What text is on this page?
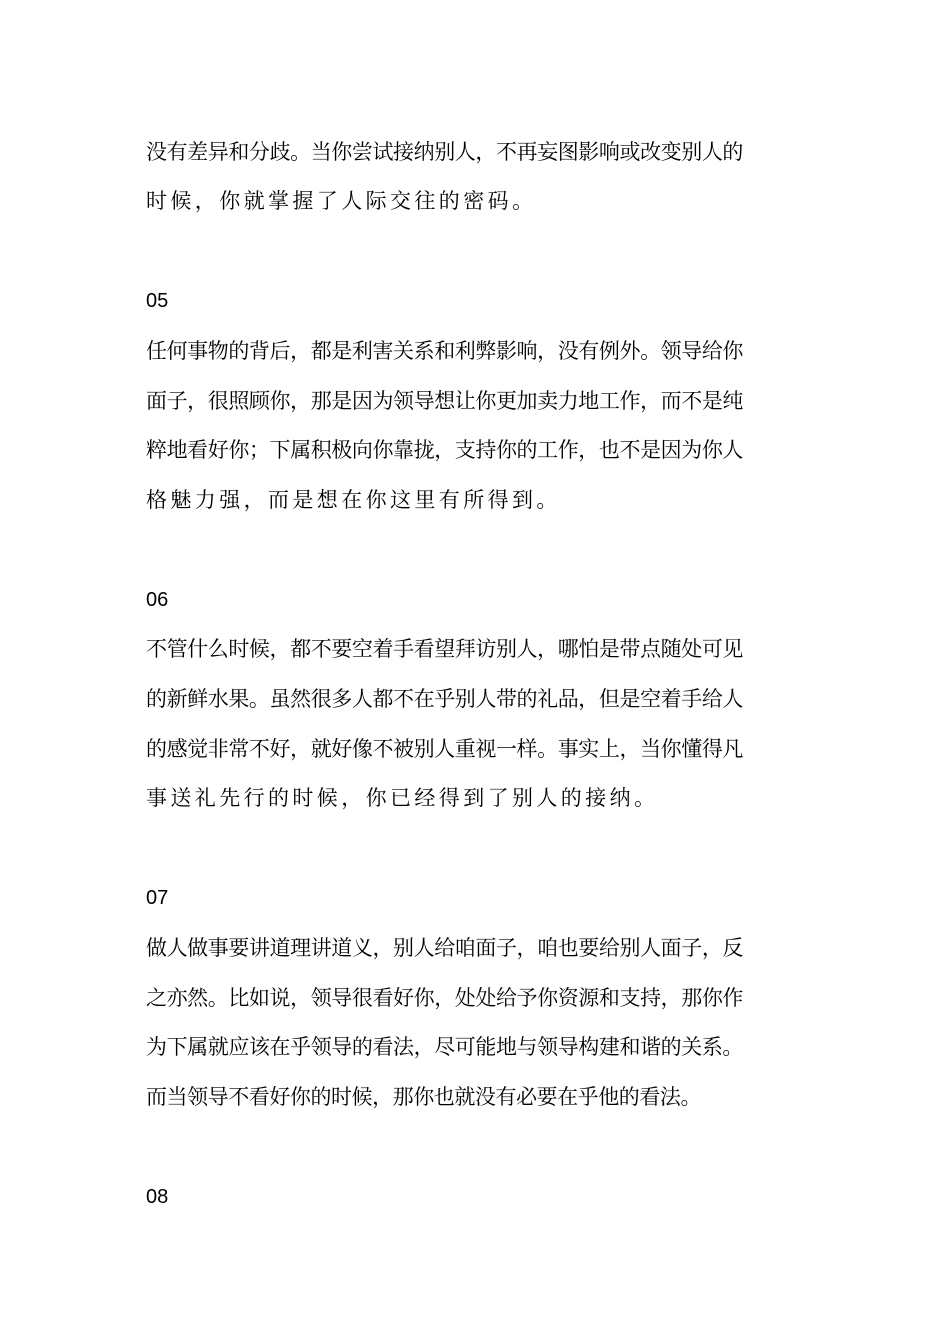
没有差异和分歧。当你尝试接纳别人，不再妄图影响或改变别人的
时候，你就掌握了人际交往的密码。
05
任何事物的背后，都是利害关系和利弊影响，没有例外。领导给你
面子，很照顾你，那是因为领导想让你更加卖力地工作，而不是纯
粹地看好你；下属积极向你靠拢，支持你的工作，也不是因为你人
格魅力强，而是想在你这里有所得到。
06
不管什么时候，都不要空着手看望拜访别人，哪怕是带点随处可见
的新鲜水果。虽然很多人都不在乎别人带的礼品，但是空着手给人
的感觉非常不好，就好像不被别人重视一样。事实上，当你懂得凡
事送礼先行的时候，你已经得到了别人的接纳。
07
做人做事要讲道理讲道义，别人给咱面子，咱也要给别人面子，反
之亦然。比如说，领导很看好你，处处给予你资源和支持，那你作
为下属就应该在乎领导的看法，尽可能地与领导构建和谐的关系。
而当领导不看好你的时候，那你也就没有必要在乎他的看法。
08
